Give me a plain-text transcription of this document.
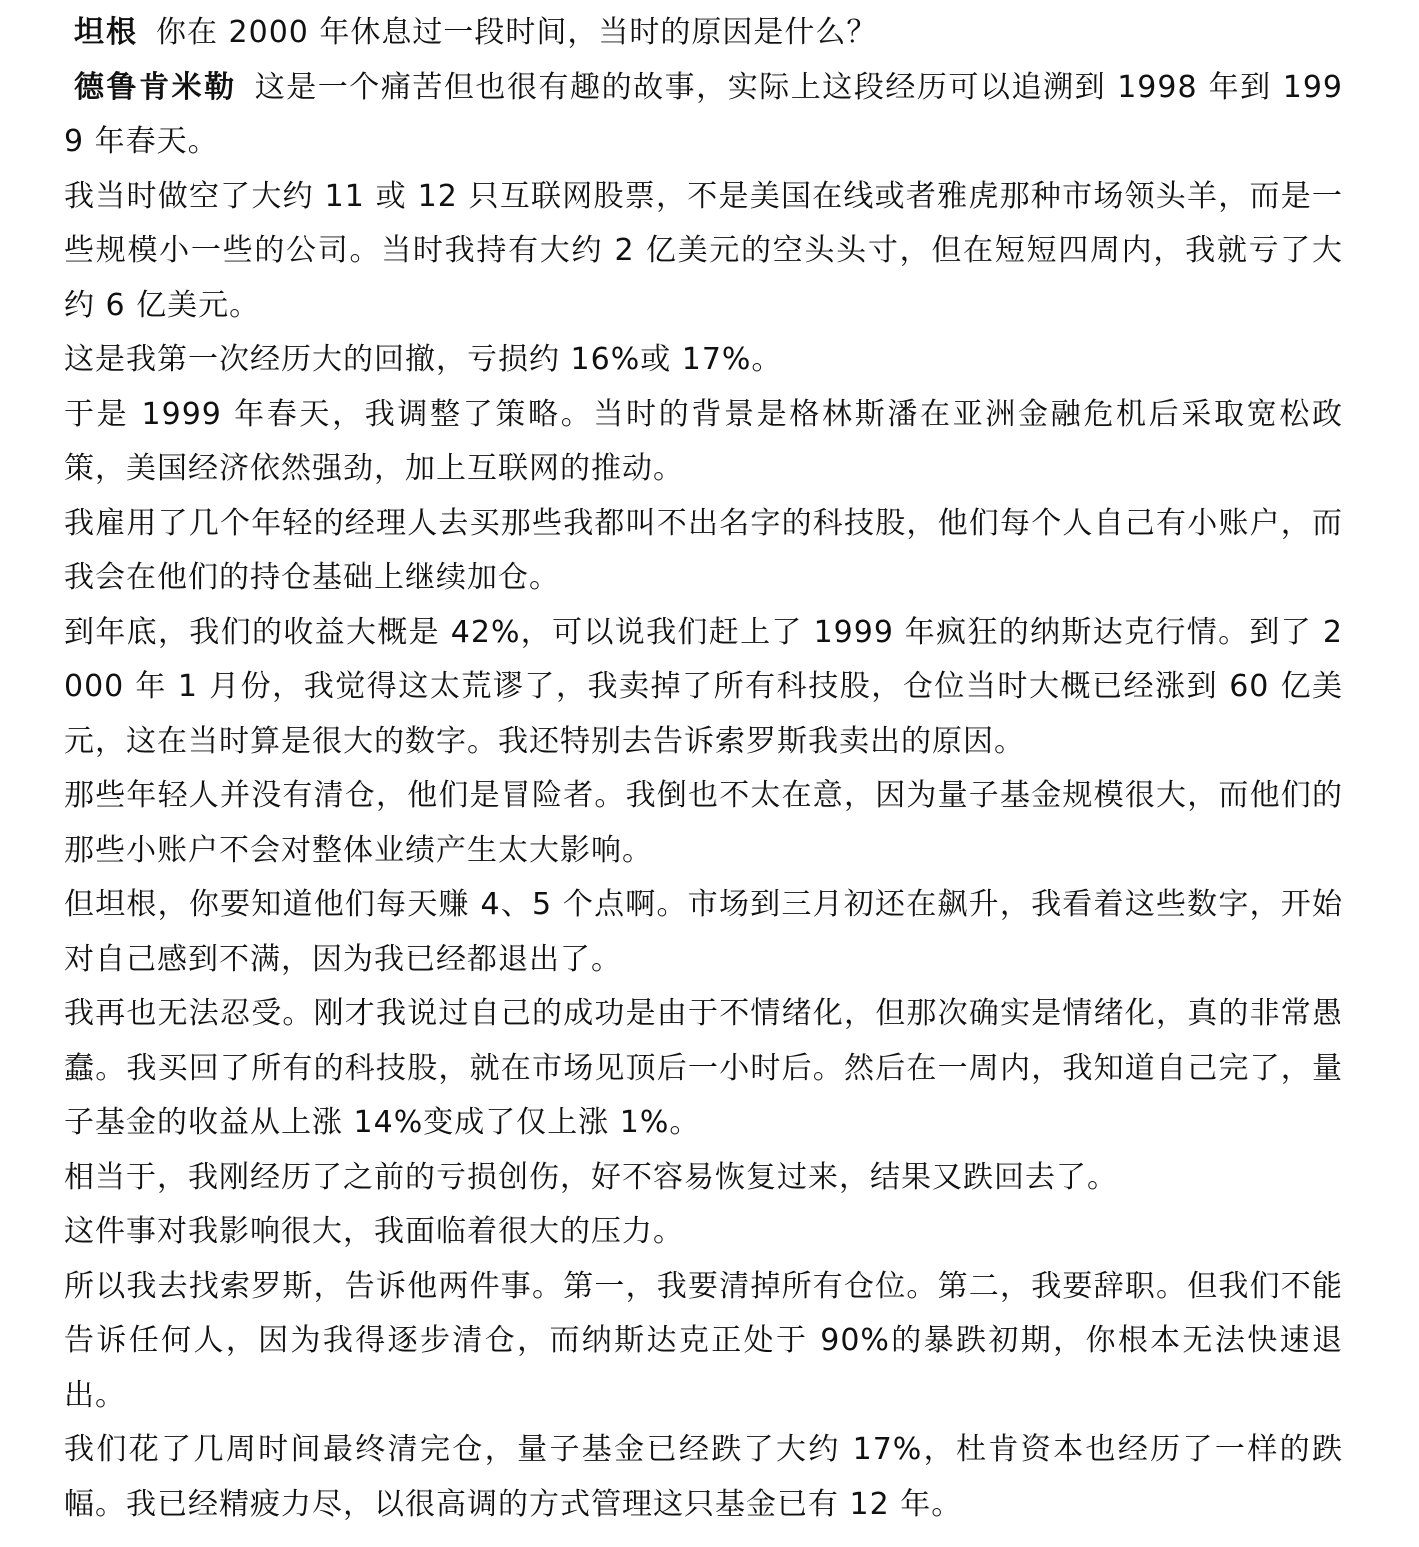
坦根 你在 2000 年休息过一段时间，当时的原因是什么？

德鲁肯米勒 这是一个痛苦但也很有趣的故事，实际上这段经历可以追溯到 1998 年到 1999 年春天。

我当时做空了大约 11 或 12 只互联网股票，不是美国在线或者雅虎那种市场领头羊，而是一些规模小一些的公司。当时我持有大约 2 亿美元的空头头寸，但在短短四周内，我就亏了大约 6 亿美元。

这是我第一次经历大的回撤，亏损约 16%或 17%。

于是 1999 年春天，我调整了策略。当时的背景是格林斯潘在亚洲金融危机后采取宽松政策，美国经济依然强劲，加上互联网的推动。

我雇用了几个年轻的经理人去买那些我都叫不出名字的科技股，他们每个人自己有小账户，而我会在他们的持仓基础上继续加仓。

到年底，我们的收益大概是 42%，可以说我们赶上了 1999 年疯狂的纳斯达克行情。到了 2000 年 1 月份，我觉得这太荒谬了，我卖掉了所有科技股，仓位当时大概已经涨到 60 亿美元，这在当时算是很大的数字。我还特别去告诉索罗斯我卖出的原因。

那些年轻人并没有清仓，他们是冒险者。我倒也不太在意，因为量子基金规模很大，而他们的那些小账户不会对整体业绩产生太大影响。

但坦根，你要知道他们每天赚 4、5 个点啊。市场到三月初还在飙升，我看着这些数字，开始对自己感到不满，因为我已经都退出了。

我再也无法忍受。刚才我说过自己的成功是由于不情绪化，但那次确实是情绪化，真的非常愚蠢。我买回了所有的科技股，就在市场见顶后一小时后。然后在一周内，我知道自己完了，量子基金的收益从上涨 14%变成了仅上涨 1%。

相当于，我刚经历了之前的亏损创伤，好不容易恢复过来，结果又跌回去了。

这件事对我影响很大，我面临着很大的压力。

所以我去找索罗斯，告诉他两件事。第一，我要清掉所有仓位。第二，我要辞职。但我们不能告诉任何人，因为我得逐步清仓，而纳斯达克正处于 90%的暴跌初期，你根本无法快速退出。

我们花了几周时间最终清完仓，量子基金已经跌了大约 17%，杜肯资本也经历了一样的跌幅。我已经精疲力尽，以很高调的方式管理这只基金已有 12 年。
